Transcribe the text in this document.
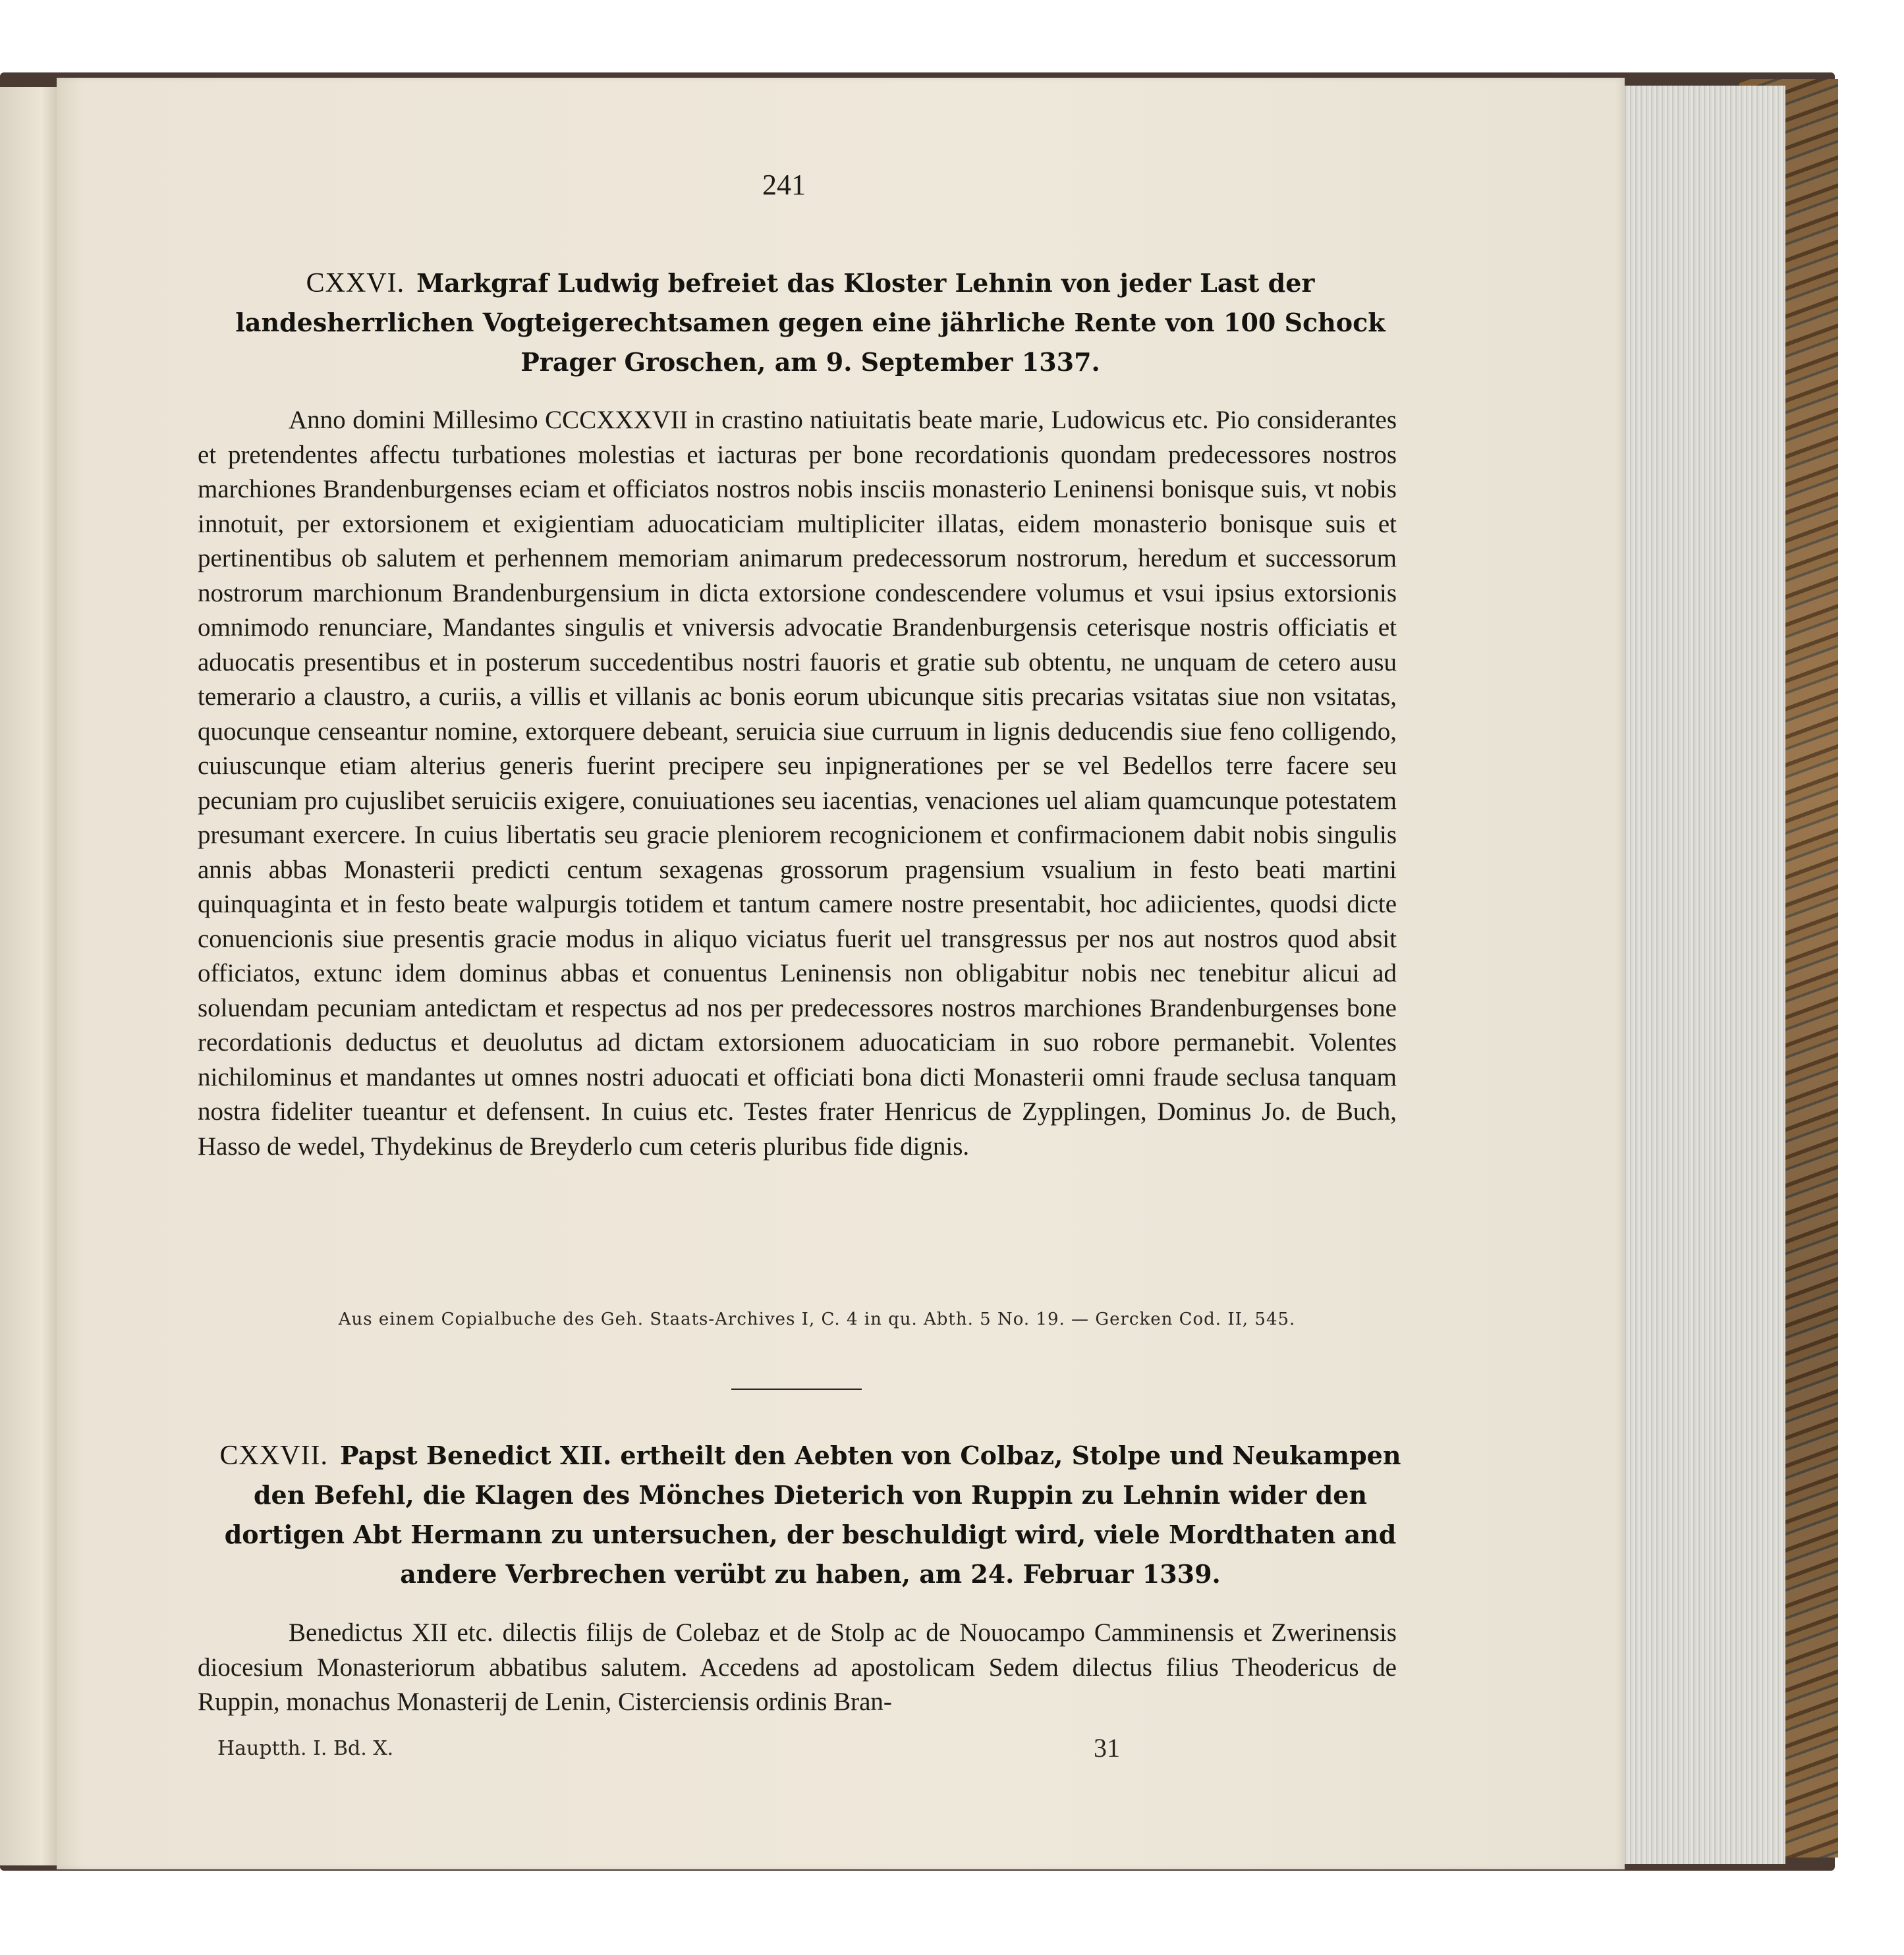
241
CXXVI. Markgraf Ludwig befreiet das Kloster Lehnin von jeder Last der landesherrlichen Vogteigerechtsamen gegen eine jährliche Rente von 100 Schock Prager Groschen, am 9. September 1337.
Anno domini Millesimo CCCXXXVII in crastino natiuitatis beate marie, Ludowicus etc. Pio considerantes et pretendentes affectu turbationes molestias et iacturas per bone recordationis quondam predecessores nostros marchiones Brandenburgenses eciam et officiatos nostros nobis insciis monasterio Leninensi bonisque suis, vt nobis innotuit, per extorsionem et exigientiam aduocaticiam multipliciter illatas, eidem monasterio bonisque suis et pertinentibus ob salutem et perhennem memoriam animarum predecessorum nostrorum, heredum et successorum nostrorum marchionum Brandenburgensium in dicta extorsione condescendere volumus et vsui ipsius extorsionis omnimodo renunciare, Mandantes singulis et vniversis advocatie Brandenburgensis ceterisque nostris officiatis et aduocatis presentibus et in posterum succedentibus nostri fauoris et gratie sub obtentu, ne unquam de cetero ausu temerario a claustro, a curiis, a villis et villanis ac bonis eorum ubicunque sitis precarias vsitatas siue non vsitatas, quocunque censeantur nomine, extorquere debeant, seruicia siue curruum in lignis deducendis siue feno colligendo, cuiuscunque etiam alterius generis fuerint precipere seu inpignerationes per se vel Bedellos terre facere seu pecuniam pro cujuslibet seruiciis exigere, conuiuationes seu iacentias, venaciones uel aliam quamcunque potestatem presumant exercere. In cuius libertatis seu gracie pleniorem recognicionem et confirmacionem dabit nobis singulis annis abbas Monasterii predicti centum sexagenas grossorum pragensium vsualium in festo beati martini quinquaginta et in festo beate walpurgis totidem et tantum camere nostre presentabit, hoc adiicientes, quodsi dicte conuencionis siue presentis gracie modus in aliquo viciatus fuerit uel transgressus per nos aut nostros quod absit officiatos, extunc idem dominus abbas et conuentus Leninensis non obligabitur nobis nec tenebitur alicui ad soluendam pecuniam antedictam et respectus ad nos per predecessores nostros marchiones Brandenburgenses bone recordationis deductus et deuolutus ad dictam extorsionem aduocaticiam in suo robore permanebit. Volentes nichilominus et mandantes ut omnes nostri aduocati et officiati bona dicti Monasterii omni fraude seclusa tanquam nostra fideliter tueantur et defensent. In cuius etc. Testes frater Henricus de Zypplingen, Dominus Jo. de Buch, Hasso de wedel, Thydekinus de Breyderlo cum ceteris pluribus fide dignis.
Aus einem Copialbuche des Geh. Staats-Archives I, C. 4 in qu. Abth. 5 No. 19. — Gercken Cod. II, 545.
CXXVII. Papst Benedict XII. ertheilt den Aebten von Colbaz, Stolpe und Neukampen den Befehl, die Klagen des Mönches Dieterich von Ruppin zu Lehnin wider den dortigen Abt Hermann zu untersuchen, der beschuldigt wird, viele Mordthaten and andere Verbrechen verübt zu haben, am 24. Februar 1339.
Benedictus XII etc. dilectis filijs de Colebaz et de Stolp ac de Nouocampo Camminensis et Zwerinensis diocesium Monasteriorum abbatibus salutem. Accedens ad apostolicam Sedem dilectus filius Theodericus de Ruppin, monachus Monasterij de Lenin, Cisterciensis ordinis Bran-
Hauptth. I. Bd. X.	31
